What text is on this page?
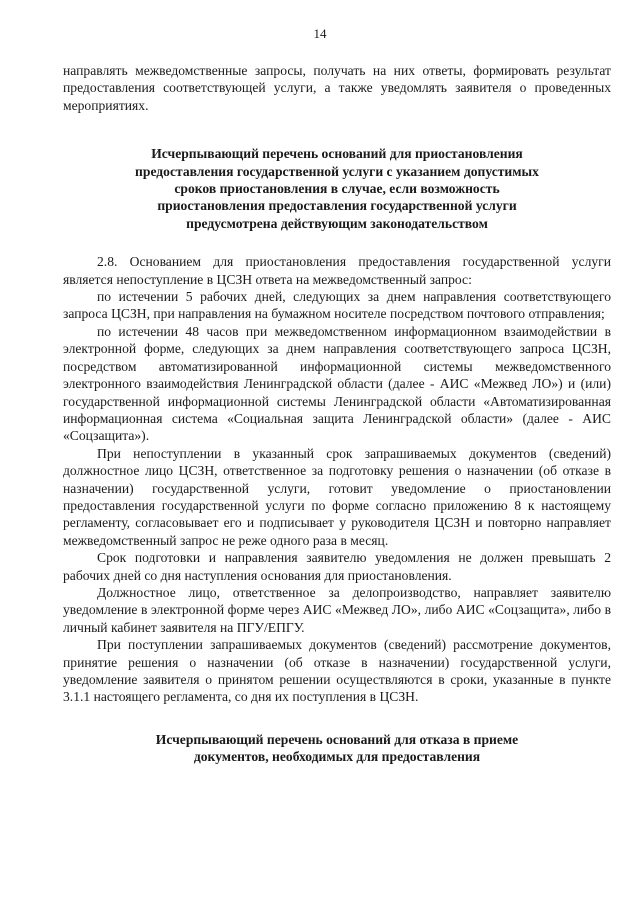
14

направлять межведомственные запросы, получать на них ответы, формировать результат предоставления соответствующей услуги, а также уведомлять заявителя о проведенных мероприятиях.

Исчерпывающий перечень оснований для приостановления
предоставления государственной услуги с указанием допустимых
сроков приостановления в случае, если возможность
приостановления предоставления государственной услуги
предусмотрена действующим законодательством

2.8. Основанием для приостановления предоставления государственной услуги является непоступление в ЦСЗН ответа на межведомственный запрос:

по истечении 5 рабочих дней, следующих за днем направления соответствующего запроса ЦСЗН, при направления на бумажном носителе посредством почтового отправления;

по истечении 48 часов при межведомственном информационном взаимодействии в электронной форме, следующих за днем направления соответствующего запроса ЦСЗН, посредством автоматизированной информационной системы межведомственного электронного взаимодействия Ленинградской области (далее - АИС «Межвед ЛО») и (или) государственной информационной системы Ленинградской области «Автоматизированная информационная система «Социальная защита Ленинградской области» (далее - АИС «Соцзащита»).

При непоступлении в указанный срок запрашиваемых документов (сведений) должностное лицо ЦСЗН, ответственное за подготовку решения о назначении (об отказе в назначении) государственной услуги, готовит уведомление о приостановлении предоставления государственной услуги по форме согласно приложению 8 к настоящему регламенту, согласовывает его и подписывает у руководителя ЦСЗН и повторно направляет межведомственный запрос не реже одного раза в месяц.

Срок подготовки и направления заявителю уведомления не должен превышать 2 рабочих дней со дня наступления основания для приостановления.

Должностное лицо, ответственное за делопроизводство, направляет заявителю уведомление в электронной форме через АИС «Межвед ЛО», либо АИС «Соцзащита», либо в личный кабинет заявителя на ПГУ/ЕПГУ.

При поступлении запрашиваемых документов (сведений) рассмотрение документов, принятие решения о назначении (об отказе в назначении) государственной услуги, уведомление заявителя о принятом решении осуществляются в сроки, указанные в пункте 3.1.1 настоящего регламента, со дня их поступления в ЦСЗН.

Исчерпывающий перечень оснований для отказа в приеме
документов, необходимых для предоставления
